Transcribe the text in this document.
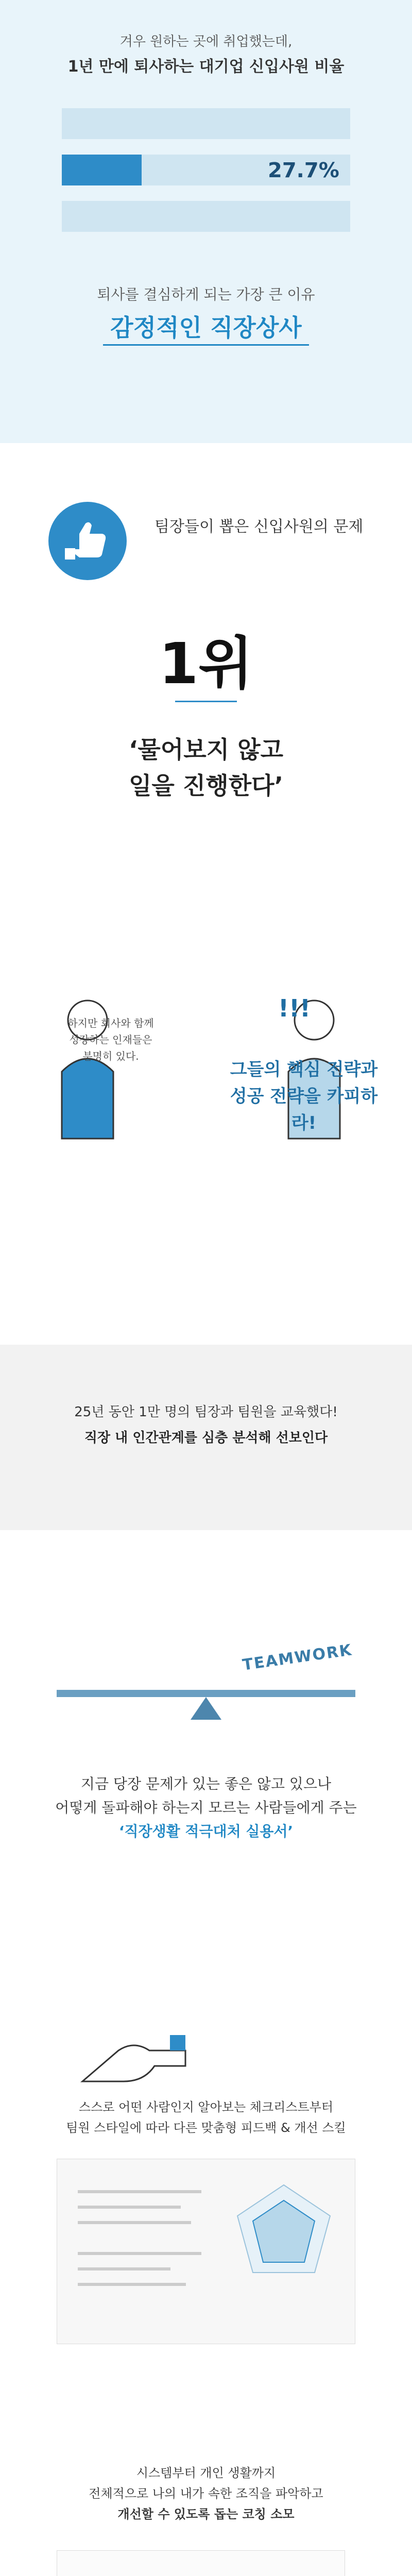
겨우 원하는 곳에 취업했는데,
1년 만에 퇴사하는 대기업 신입사원 비율
27.7%
퇴사를 결심하게 되는 가장 큰 이유
감정적인 직장상사
팀장들이 뽑은 신입사원의 문제
1위
‘물어보지 않고
일을 진행한다’
하지만 회사와 함께
성장하는 인재들은
분명히 있다.
!!!
그들의 핵심 전략과
성공 전략을 카피하라!
25년 동안 1만 명의 팀장과 팀원을 교육했다!
직장 내 인간관계를 심층 분석해 선보인다
TEAMWORK
지금 당장 문제가 있는 좋은 않고 있으나
어떻게 돌파해야 하는지 모르는 사람들에게 주는
‘직장생활 적극대처 실용서’
스스로 어떤 사람인지 알아보는 체크리스트부터
팀원 스타일에 따라 다른 맞춤형 피드백 & 개선 스킬
시스템부터 개인 생활까지
전체적으로 나의 내가 속한 조직을 파악하고
개선할 수 있도록 돕는 코칭 소모
